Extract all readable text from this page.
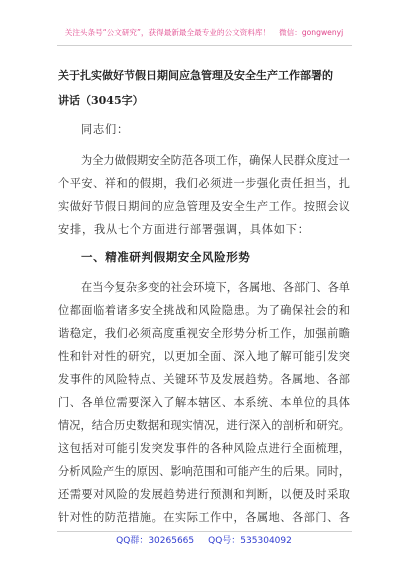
关注头条号“公文研究”，获得最新最全最专业的公文资料库！ 微信：gongwenyj
关于扎实做好节假日期间应急管理及安全生产工作部署的
讲话（3045字）
同志们：
为全力做假期安全防范各项工作，确保人民群众度过一
个平安、祥和的假期，我们必须进一步强化责任担当，扎
实做好节假日期间的应急管理及安全生产工作。按照会议
安排，我从七个方面进行部署强调，具体如下：
一、精准研判假期安全风险形势
在当今复杂多变的社会环境下，各属地、各部门、各单
位都面临着诸多安全挑战和风险隐患。为了确保社会的和
谐稳定，我们必须高度重视安全形势分析工作，加强前瞻
性和针对性的研究，以更加全面、深入地了解可能引发突
发事件的风险特点、关键环节及发展趋势。各属地、各部
门、各单位需要深入了解本辖区、本系统、本单位的具体
情况，结合历史数据和现实情况，进行深入的剖析和研究。
这包括对可能引发突发事件的各种风险点进行全面梳理，
分析风险产生的原因、影响范围和可能产生的后果。同时，
还需要对风险的发展趋势进行预测和判断，以便及时采取
针对性的防范措施。在实际工作中，各属地、各部门、各
QQ群：30265665 QQ号：535304092
